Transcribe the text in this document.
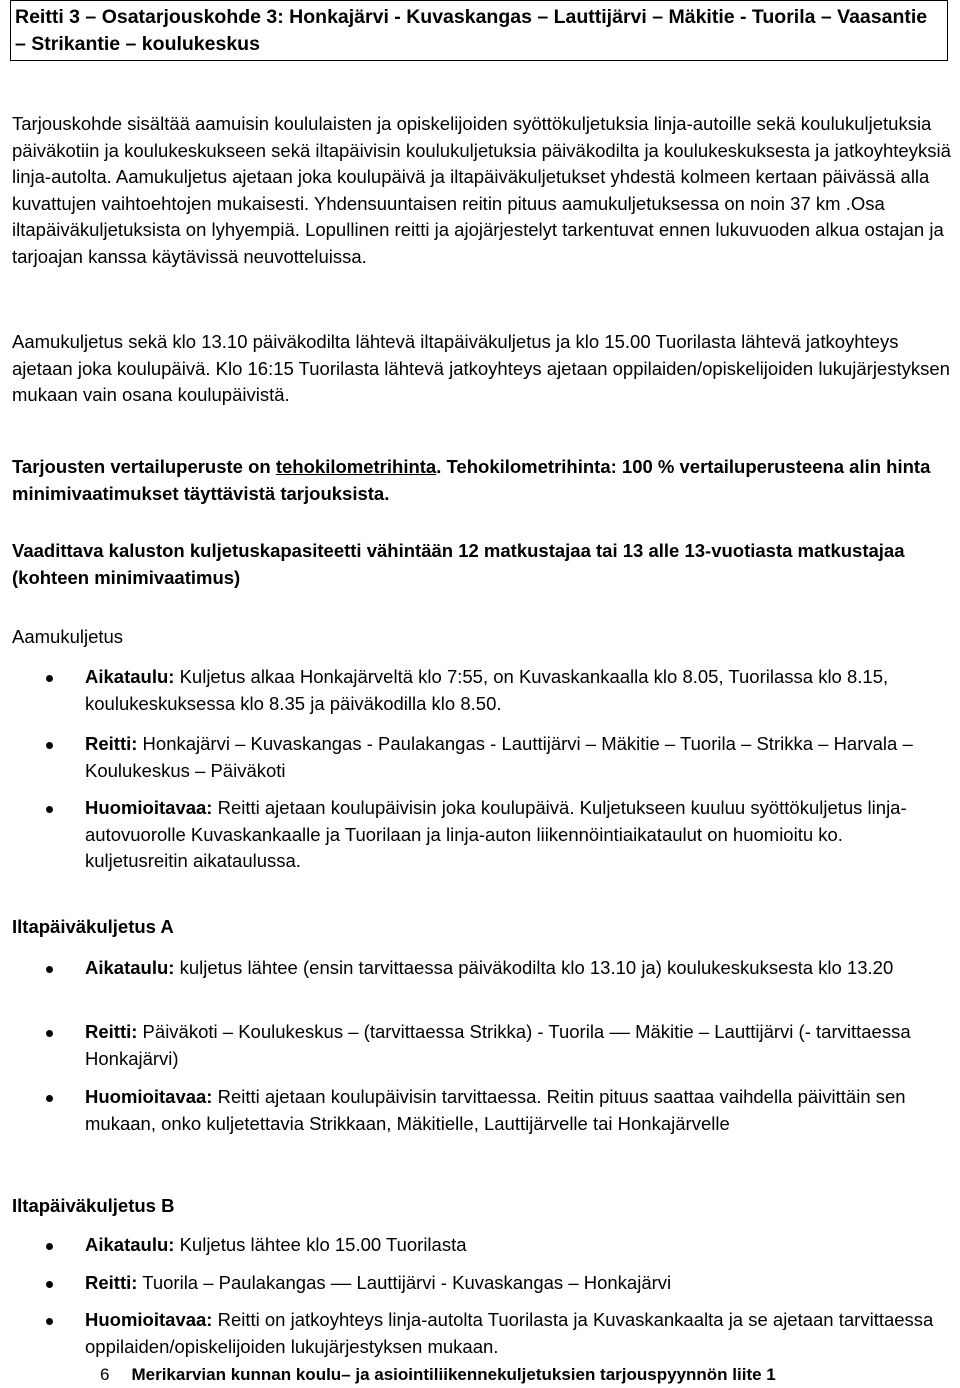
Reitti 3 – Osatarjouskohde 3: Honkajärvi - Kuvaskangas – Lauttijärvi – Mäkitie - Tuorila – Vaasantie – Strikantie – koulukeskus

Tarjouskohde sisältää aamuisin koululaisten ja opiskelijoiden syöttökuljetuksia linja-autoille sekä koulukuljetuksia päiväkotiin ja koulukeskukseen sekä iltapäivisin koulukuljetuksia päiväkodilta ja koulukeskuksesta ja jatkoyhteyksiä linja-autolta. Aamukuljetus ajetaan joka koulupäivä ja iltapäiväkuljetukset yhdestä kolmeen kertaan päivässä alla kuvattujen vaihtoehtojen mukaisesti. Yhdensuuntaisen reitin pituus aamukuljetuksessa on noin 37 km .Osa iltapäiväkuljetuksista on lyhyempiä. Lopullinen reitti ja ajojärjestelyt tarkentuvat ennen lukuvuoden alkua ostajan ja tarjoajan kanssa käytävissä neuvotteluissa.

Aamukuljetus sekä klo 13.10 päiväkodilta lähtevä iltapäiväkuljetus ja klo 15.00 Tuorilasta lähtevä jatkoyhteys ajetaan joka koulupäivä. Klo 16:15 Tuorilasta lähtevä jatkoyhteys ajetaan oppilaiden/opiskelijoiden lukujärjestyksen mukaan vain osana koulupäivistä.

Tarjousten vertailuperuste on tehokilometrihinta. Tehokilometrihinta: 100 % vertailuperusteena alin hinta minimivaatimukset täyttävistä tarjouksista.

Vaadittava kaluston kuljetuskapasiteetti vähintään 12 matkustajaa tai 13 alle 13-vuotiasta matkustajaa (kohteen minimivaatimus)

Aamukuljetus

Aikataulu: Kuljetus alkaa Honkajärveltä klo 7:55, on Kuvaskankaalla klo 8.05, Tuorilassa klo 8.15, koulukeskuksessa klo 8.35 ja päiväkodilla klo 8.50.

Reitti: Honkajärvi – Kuvaskangas - Paulakangas - Lauttijärvi – Mäkitie – Tuorila – Strikka – Harvala – Koulukeskus – Päiväkoti

Huomioitavaa: Reitti ajetaan koulupäivisin joka koulupäivä. Kuljetukseen kuuluu syöttökuljetus linja-autovuorolle Kuvaskankaalle ja Tuorilaan ja linja-auton liikennöintiaikataulut on huomioitu ko. kuljetusreitin aikataulussa.

Iltapäiväkuljetus A

Aikataulu: kuljetus lähtee (ensin tarvittaessa päiväkodilta klo 13.10 ja) koulukeskuksesta klo 13.20

Reitti: Päiväkoti – Koulukeskus – (tarvittaessa Strikka) - Tuorila –– Mäkitie – Lauttijärvi (- tarvittaessa Honkajärvi)

Huomioitavaa: Reitti ajetaan koulupäivisin tarvittaessa. Reitin pituus saattaa vaihdella päivittäin sen mukaan, onko kuljetettavia Strikkaan, Mäkitielle, Lauttijärvelle tai Honkajärvelle

Iltapäiväkuljetus B

Aikataulu: Kuljetus lähtee klo 15.00 Tuorilasta

Reitti: Tuorila – Paulakangas –– Lauttijärvi - Kuvaskangas – Honkajärvi

Huomioitavaa: Reitti on jatkoyhteys linja-autolta Tuorilasta ja Kuvaskankaalta ja se ajetaan tarvittaessa oppilaiden/opiskelijoiden lukujärjestyksen mukaan.

6 Merikarvian kunnan koulu– ja asiointiliikennekuljetuksien tarjouspyynnön liite 1
